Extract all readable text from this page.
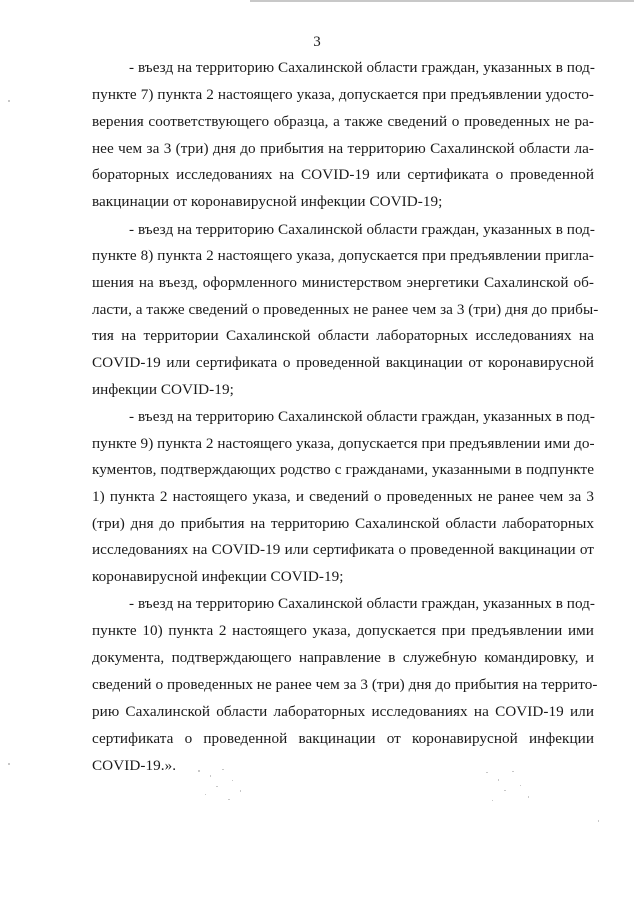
3
- въезд на территорию Сахалинской области граждан, указанных в под-
пункте 7) пункта 2 настоящего указа, допускается при предъявлении удосто-
верения соответствующего образца, а также сведений о проведенных не ра-
нее чем за 3 (три) дня до прибытия на территорию Сахалинской области ла-
бораторных исследованиях на COVID-19 или сертификата о проведенной
вакцинации от коронавирусной инфекции COVID-19;
- въезд на территорию Сахалинской области граждан, указанных в под-
пункте 8) пункта 2 настоящего указа, допускается при предъявлении пригла-
шения на въезд, оформленного министерством энергетики Сахалинской об-
ласти, а также сведений о проведенных не ранее чем за 3 (три) дня до прибы-
тия на территории Сахалинской области лабораторных исследованиях на
COVID-19 или сертификата о проведенной вакцинации от коронавирусной
инфекции COVID-19;
- въезд на территорию Сахалинской области граждан, указанных в под-
пункте 9) пункта 2 настоящего указа, допускается при предъявлении ими до-
кументов, подтверждающих родство с гражданами, указанными в подпункте
1) пункта 2 настоящего указа, и сведений о проведенных не ранее чем за 3
(три) дня до прибытия на территорию Сахалинской области лабораторных
исследованиях на COVID-19 или сертификата о проведенной вакцинации от
коронавирусной инфекции COVID-19;
- въезд на территорию Сахалинской области граждан, указанных в под-
пункте 10) пункта 2 настоящего указа, допускается при предъявлении ими
документа, подтверждающего направление в служебную командировку, и
сведений о проведенных не ранее чем за 3 (три) дня до прибытия на террито-
рию Сахалинской области лабораторных исследованиях на COVID-19 или
сертификата о проведенной вакцинации от коронавирусной инфекции
COVID-19.».
